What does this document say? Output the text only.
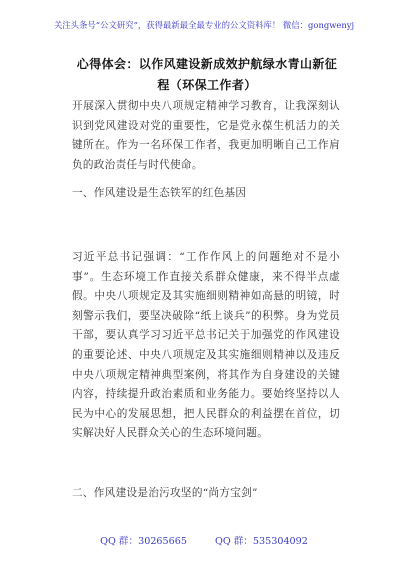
关注头条号“公文研究”，获得最新最全最专业的公文资料库！ 微信：gongwenyj
心得体会：以作风建设新成效护航绿水青山新征程（环保工作者）

开展深入贯彻中央八项规定精神学习教育，让我深刻认识到党风建设对党的重要性，它是党永葆生机活力的关键所在。作为一名环保工作者，我更加明晰自己工作肩负的政治责任与时代使命。

一、作风建设是生态铁军的红色基因

习近平总书记强调：“工作作风上的问题绝对不是小事”。生态环境工作直接关系群众健康，来不得半点虚假。中央八项规定及其实施细则精神如高悬的明镜，时刻警示我们，要坚决破除“纸上谈兵”的积弊。身为党员干部，要认真学习习近平总书记关于加强党的作风建设的重要论述、中央八项规定及其实施细则精神以及违反中央八项规定精神典型案例，将其作为自身建设的关键内容，持续提升政治素质和业务能力。要始终坚持以人民为中心的发展思想，把人民群众的利益摆在首位，切实解决好人民群众关心的生态环境问题。

二、作风建设是治污攻坚的“尚方宝剑”

QQ 群：30265665	QQ 群：535304092
